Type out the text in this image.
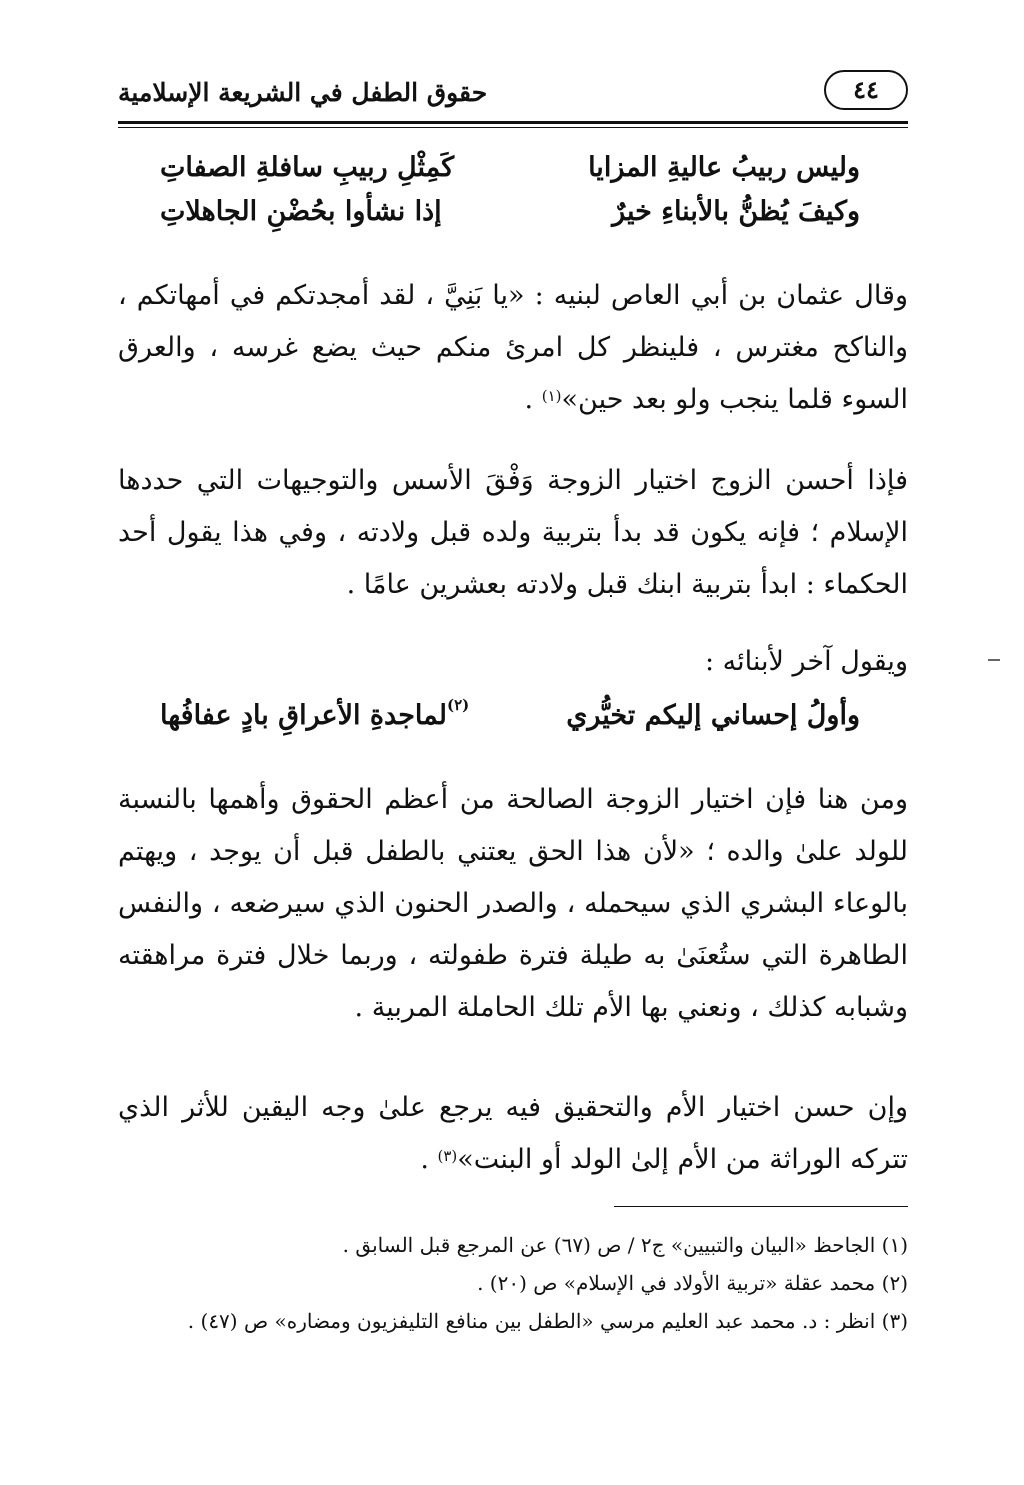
حقوق الطفل في الشريعة الإسلامية	٤٤
وليس ربيبُ عاليةِ المزايا
كَمِثْلِ ربيبِ سافلةِ الصفاتِ
وكيفَ يُظنُّ بالأبناءِ خيرٌ
إذا نشأوا بحُضْنِ الجاهلاتِ

وقال عثمان بن أبي العاص لبنيه : «يا بَنِيَّ ، لقد أمجدتكم في أمهاتكم ، والناكح مغترس ، فلينظر كل امرئ منكم حيث يضع غرسه ، والعرق السوء قلما ينجب ولو بعد حين»$^{(١)}$ .

فإذا أحسن الزوج اختيار الزوجة وَفْقَ الأسس والتوجيهات التي حددها الإسلام ؛ فإنه يكون قد بدأ بتربية ولده قبل ولادته ، وفي هذا يقول أحد الحكماء : ابدأ بتربية ابنك قبل ولادته بعشرين عامًا .

ويقول آخر لأبنائه :

وأولُ إحساني إليكم تخيُّري
$^{(٢)}$لماجدةِ الأعراقِ بادٍ عفافُها

ومن هنا فإن اختيار الزوجة الصالحة من أعظم الحقوق وأهمها بالنسبة للولد علىٰ والده ؛ «لأن هذا الحق يعتني بالطفل قبل أن يوجد ، ويهتم بالوعاء البشري الذي سيحمله ، والصدر الحنون الذي سيرضعه ، والنفس الطاهرة التي ستُعنَىٰ به طيلة فترة طفولته ، وربما خلال فترة مراهقته وشبابه كذلك ، ونعني بها الأم تلك الحاملة المربية .

وإن حسن اختيار الأم والتحقيق فيه يرجع علىٰ وجه اليقين للأثر الذي تتركه الوراثة من الأم إلىٰ الولد أو البنت»$^{(٣)}$ .

(١) الجاحظ «البيان والتبيين» ج٢ / ص (٦٧) عن المرجع قبل السابق .
(٢) محمد عقلة «تربية الأولاد في الإسلام» ص (٢٠) .
(٣) انظر : د. محمد عبد العليم مرسي «الطفل بين منافع التليفزيون ومضاره» ص (٤٧) .
